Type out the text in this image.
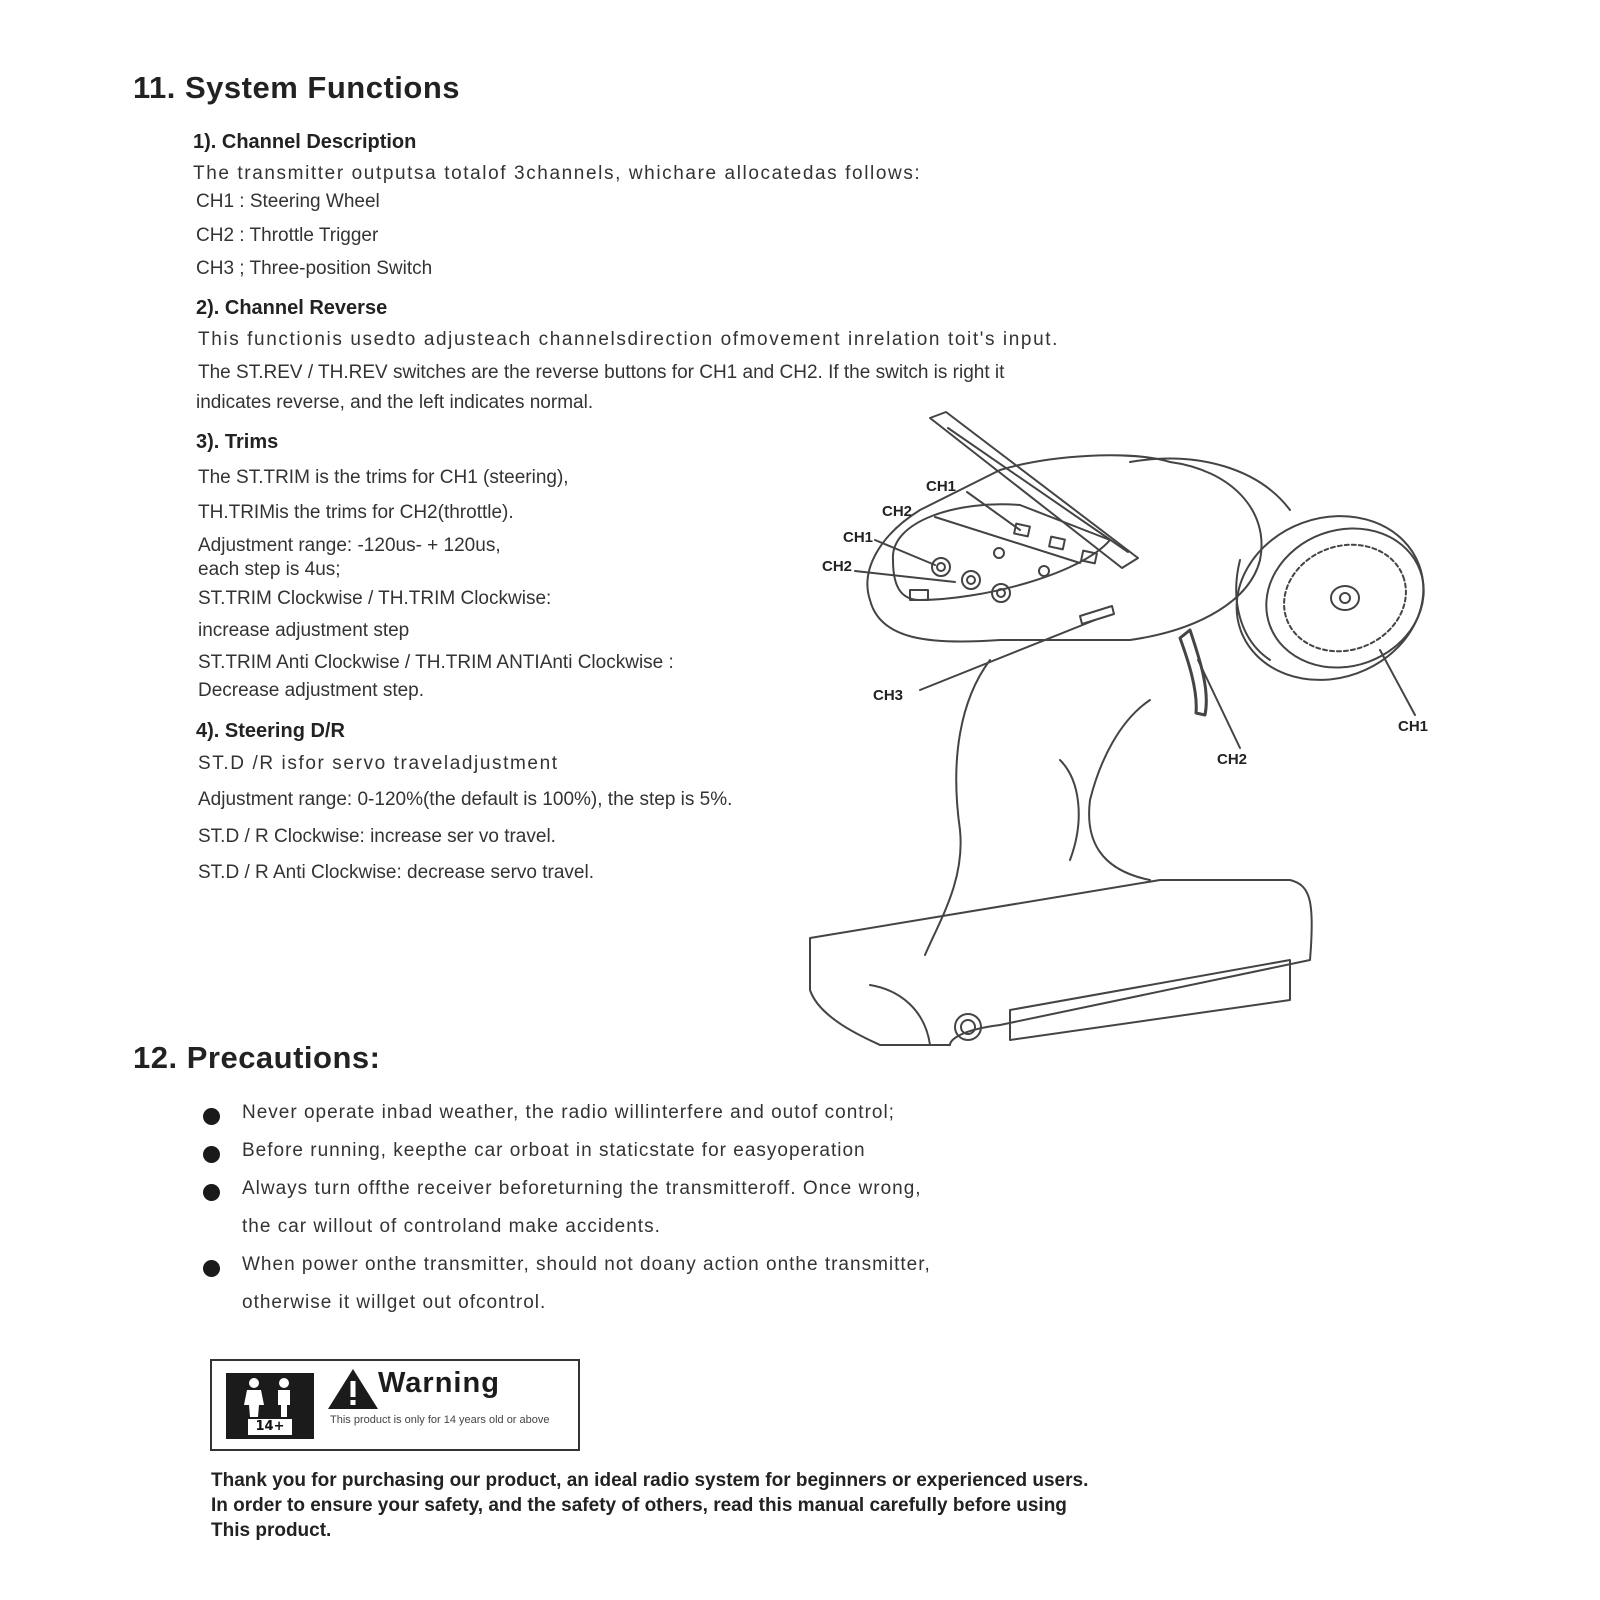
11. System Functions
1). Channel Description
The transmitter outputsa totalof 3channels, whichare allocatedas follows:
CH1 : Steering Wheel
CH2 : Throttle Trigger
CH3 ; Three-position Switch
2). Channel Reverse
This functionis usedto adjusteach channelsdirection ofmovement inrelation toit's input.
The ST.REV / TH.REV switches are the reverse buttons for CH1 and CH2. If the switch is right it
indicates reverse, and the left indicates normal.
3). Trims
The ST.TRIM is the trims for CH1 (steering),
TH.TRIMis the trims for CH2(throttle).
Adjustment range: -120us- + 120us,
each step is 4us;
ST.TRIM Clockwise / TH.TRIM Clockwise:
increase adjustment step
ST.TRIM Anti Clockwise / TH.TRIM ANTIAnti Clockwise :
Decrease adjustment step.
4). Steering D/R
ST.D /R isfor servo traveladjustment
Adjustment range: 0-120%(the default is 100%), the step is 5%.
ST.D / R Clockwise: increase ser vo travel.
ST.D / R Anti Clockwise: decrease servo travel.
CH1
CH2
CH1
CH2
CH3
CH1
CH2
12. Precautions:
Never operate inbad weather, the radio willinterfere and outof control;
Before running, keepthe car orboat in staticstate for easyoperation
Always turn offthe receiver beforeturning the transmitteroff. Once wrong,
the car willout of controland make accidents.
When power onthe transmitter, should not doany action onthe transmitter,
otherwise it willget out ofcontrol.
14+
Warning
This product is only for 14 years old or above
Thank you for purchasing our product, an ideal radio system for beginners or experienced users.
In order to ensure your safety, and the safety of others, read this manual carefully before using
This product.
